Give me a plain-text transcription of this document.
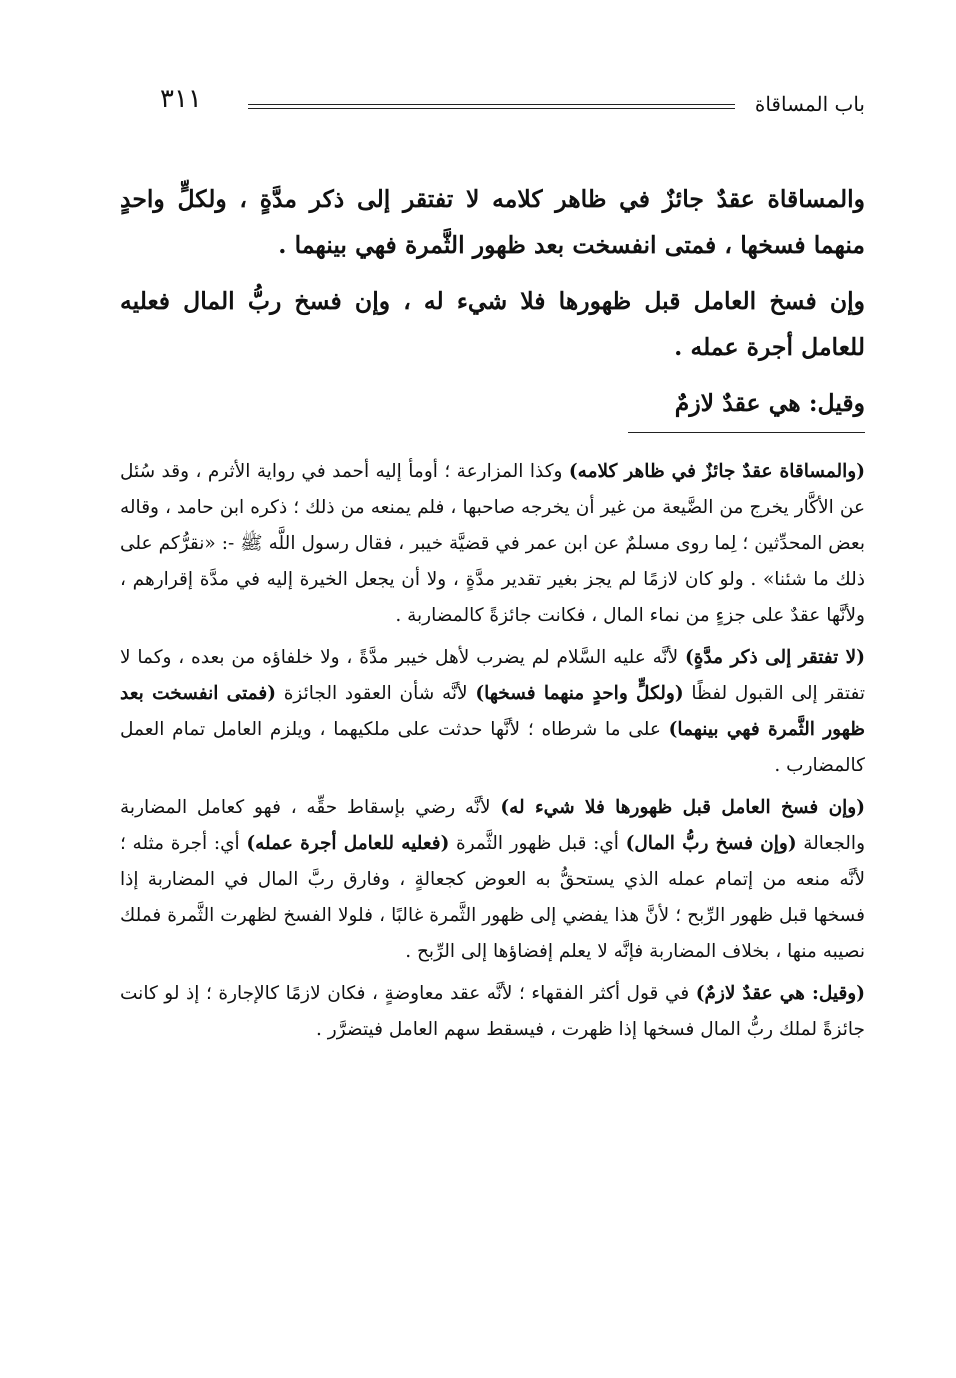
باب المساقاة
٣١١

والمساقاة عقدٌ جائزٌ في ظاهر كلامه لا تفتقر إلى ذكر مدَّةٍ ، ولكلٍّ واحدٍ منهما فسخها ، فمتى انفسخت بعد ظهور الثَّمرة فهي بينهما .

وإن فسخ العامل قبل ظهورها فلا شيء له ، وإن فسخ ربُّ المال فعليه للعامل أجرة عمله .

وقيل: هي عقدٌ لازمٌ

(والمساقاة عقدٌ جائزٌ في ظاهر كلامه) وكذا المزارعة ؛ أومأ إليه أحمد في رواية الأثرم ، وقد سُئل عن الأكَّار يخرج من الضَّيعة من غير أن يخرجه صاحبها ، فلم يمنعه من ذلك ؛ ذكره ابن حامد ، وقاله بعض المحدِّثين ؛ لِما روى مسلمٌ عن ابن عمر في قضيَّة خيبر ، فقال رسول اللَّه ﷺ -: «نقرُّكم على ذلك ما شئنا» . ولو كان لازمًا لم يجز بغير تقدير مدَّةٍ ، ولا أن يجعل الخيرة إليه في مدَّة إقرارهم ، ولأنَّها عقدٌ على جزءٍ من نماء المال ، فكانت جائزةً كالمضاربة .

(لا تفتقر إلى ذكر مدَّةٍ) لأنَّه عليه السَّلام لم يضرب لأهل خيبر مدَّةً ، ولا خلفاؤه من بعده ، وكما لا تفتقر إلى القبول لفظًا (ولكلٍّ واحدٍ منهما فسخها) لأنَّه شأن العقود الجائزة (فمتى انفسخت بعد ظهور الثَّمرة فهي بينهما) على ما شرطاه ؛ لأنَّها حدثت على ملكيهما ، ويلزم العامل تمام العمل كالمضارب .

(وإن فسخ العامل قبل ظهورها فلا شيء له) لأنَّه رضي بإسقاط حقِّه ، فهو كعامل المضاربة والجعالة (وإن فسخ ربُّ المال) أي: قبل ظهور الثَّمرة (فعليه للعامل أجرة عمله) أي: أجرة مثله ؛ لأنَّه منعه من إتمام عمله الذي يستحقُّ به العوض كجعالةٍ ، وفارق ربَّ المال في المضاربة إذا فسخها قبل ظهور الرِّبح ؛ لأنَّ هذا يفضي إلى ظهور الثَّمرة غالبًا ، فلولا الفسخ لظهرت الثَّمرة فملك نصيبه منها ، بخلاف المضاربة فإنَّه لا يعلم إفضاؤها إلى الرِّبح .

(وقيل: هي عقدٌ لازمٌ) في قول أكثر الفقهاء ؛ لأنَّه عقد معاوضةٍ ، فكان لازمًا كالإجارة ؛ إذ لو كانت جائزةً لملك ربُّ المال فسخها إذا ظهرت ، فيسقط سهم العامل فيتضرَّر .
